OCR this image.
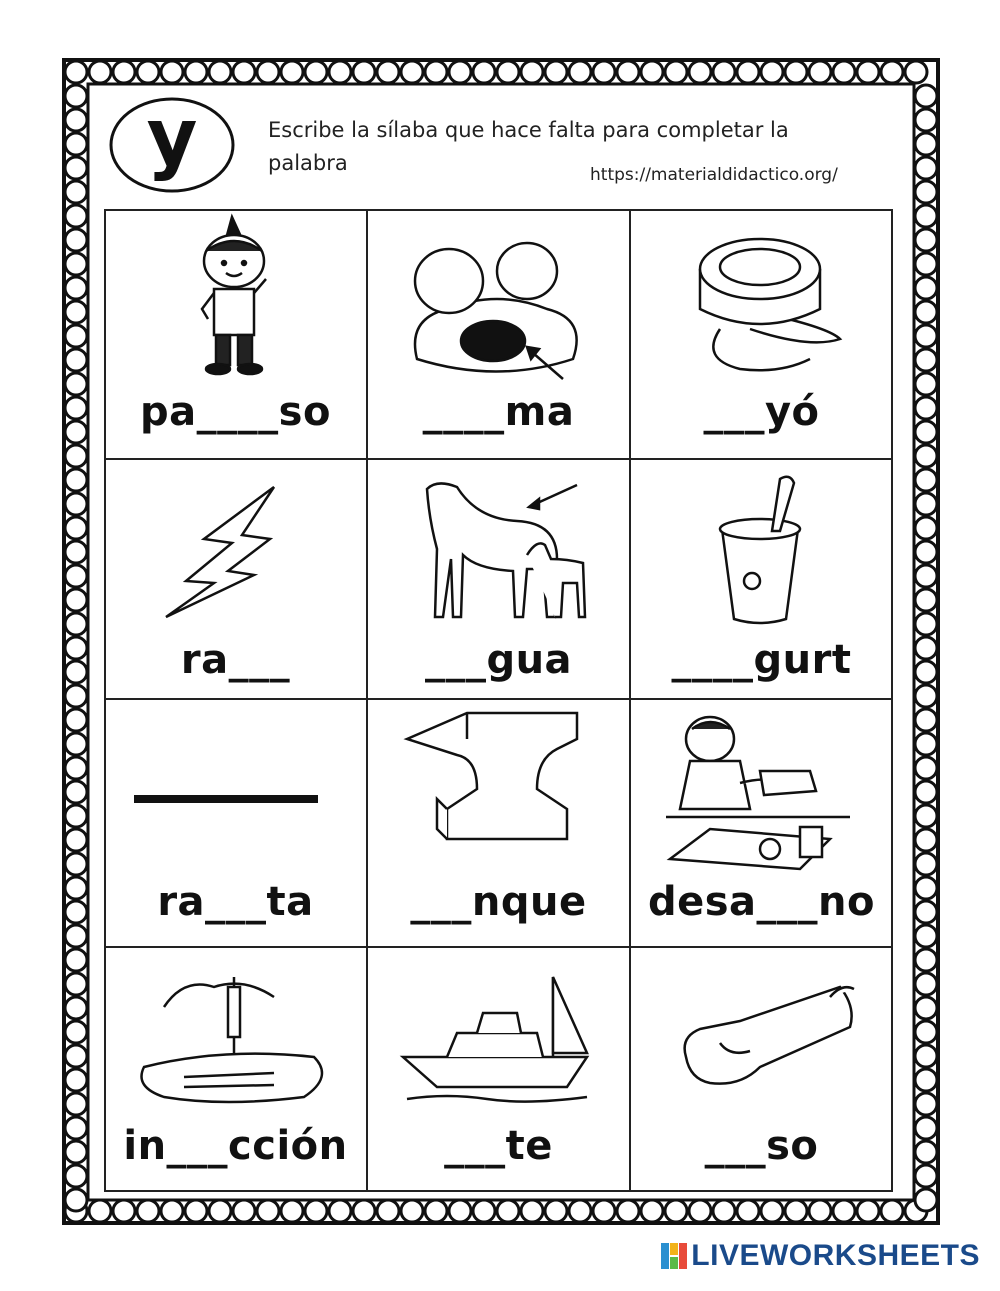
y	Escribe la sílaba que hace falta para completar la palabra	https://materialdidactico.org/
pa____so	____ma	___yó
ra___	___gua	____gurt
ra___ta	___nque	desa___no
in___cción	___te	___so
LIVEWORKSHEETS
